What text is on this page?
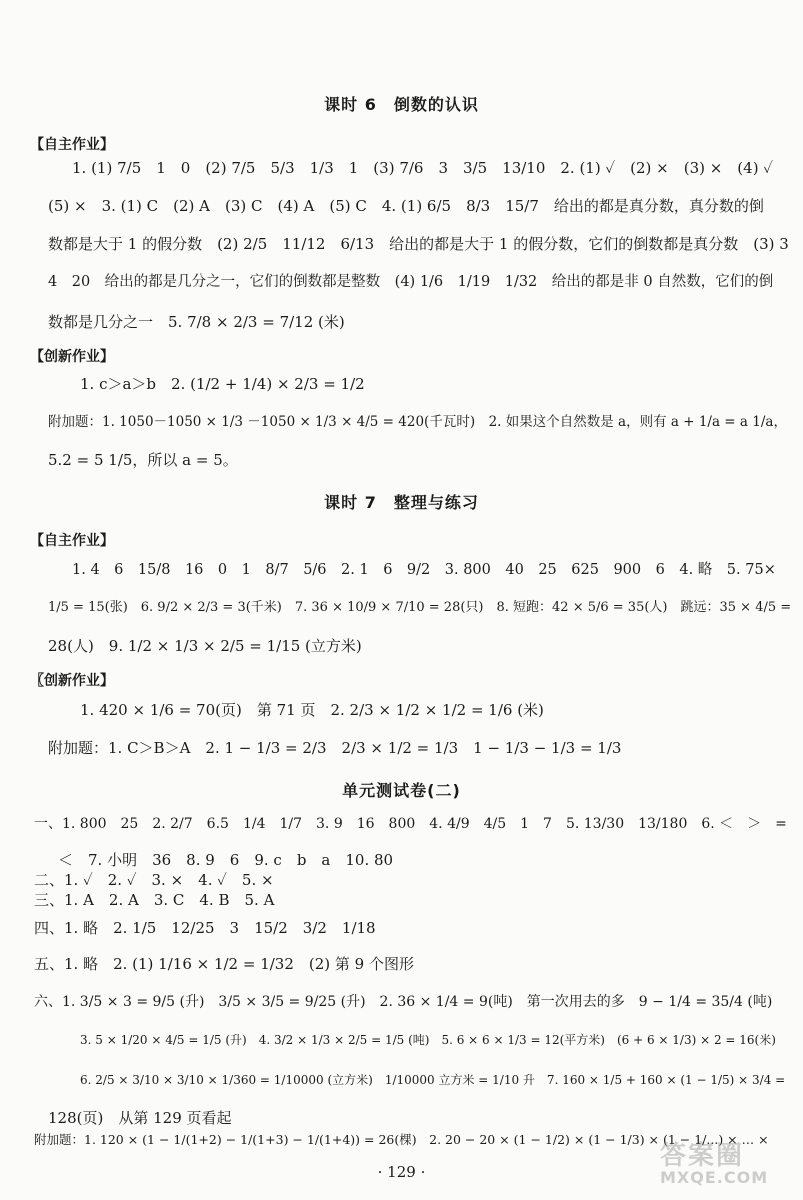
课时 6　倒数的认识
【自主作业】
1. (1) 7/5　1　0　(2) 7/5　5/3　1/3　1　(3) 7/6　3　3/5　13/10　2. (1) ✓　(2) ×　(3) ×　(4) ✓
(5) ×　3. (1) C　(2) A　(3) C　(4) A　(5) C　4. (1) 6/5　8/3　15/7　给出的都是真分数，真分数的倒
数都是大于 1 的假分数　(2) 2/5　11/12　6/13　给出的都是大于 1 的假分数，它们的倒数都是真分数　(3) 3
4　20　给出的都是几分之一，它们的倒数都是整数　(4) 1/6　1/19　1/32　给出的都是非 0 自然数，它们的倒
数都是几分之一　5. 7/8 × 2/3 = 7/12 (米)
【创新作业】
1. c＞a＞b　2. (1/2 + 1/4) × 2/3 = 1/2
附加题：1. 1050－1050 × 1/3 －1050 × 1/3 × 4/5 = 420(千瓦时)　2. 如果这个自然数是 a，则有 a + 1/a = a 1/a，
5.2 = 5 1/5，所以 a = 5。
课时 7　整理与练习
【自主作业】
1. 4　6　15/8　16　0　1　8/7　5/6　2. 1　6　9/2　3. 800　40　25　625　900　6　4. 略　5. 75×
1/5 = 15(张)　6. 9/2 × 2/3 = 3(千米)　7. 36 × 10/9 × 7/10 = 28(只)　8. 短跑：42 × 5/6 = 35(人)　跳远：35 × 4/5 =
28(人)　9. 1/2 × 1/3 × 2/5 = 1/15 (立方米)
〖创新作业】
1. 420 × 1/6 = 70(页)　第 71 页　2. 2/3 × 1/2 × 1/2 = 1/6 (米)
附加题：1. C＞B＞A　2. 1 − 1/3 = 2/3　2/3 × 1/2 = 1/3　1 − 1/3 − 1/3 = 1/3
单元测试卷(二)
一、1. 800　25　2. 2/7　6.5　1/4　1/7　3. 9　16　800　4. 4/9　4/5　1　7　5. 13/30　13/180　6. ＜　＞　=
＜　7. 小明　36　8. 9　6　9. c　b　a　10. 80
二、1. ✓　2. ✓　3. ×　4. ✓　5. ×
三、1. A　2. A　3. C　4. B　5. A
四、1. 略　2. 1/5　12/25　3　15/2　3/2　1/18
五、1. 略　2. (1) 1/16 × 1/2 = 1/32　(2) 第 9 个图形
六、1. 3/5 × 3 = 9/5 (升)　3/5 × 3/5 = 9/25 (升)　2. 36 × 1/4 = 9(吨)　第一次用去的多　9 − 1/4 = 35/4 (吨)
3. 5 × 1/20 × 4/5 = 1/5 (升)　4. 3/2 × 1/3 × 2/5 = 1/5 (吨)　5. 6 × 6 × 1/3 = 12(平方米)　(6 + 6 × 1/3) × 2 = 16(米)
6. 2/5 × 3/10 × 3/10 × 1/360 = 1/10000 (立方米)　1/10000 立方米 = 1/10 升　7. 160 × 1/5 + 160 × (1 − 1/5) × 3/4 =
128(页)　从第 129 页看起
附加题：1. 120 × (1 − 1/(1+2) − 1/(1+3) − 1/(1+4)) = 26(棵)　2. 20 − 20 × (1 − 1/2) × (1 − 1/3) × (1 − 1/...) × … ×
· 129 ·
答案圈
MXQE.COM
